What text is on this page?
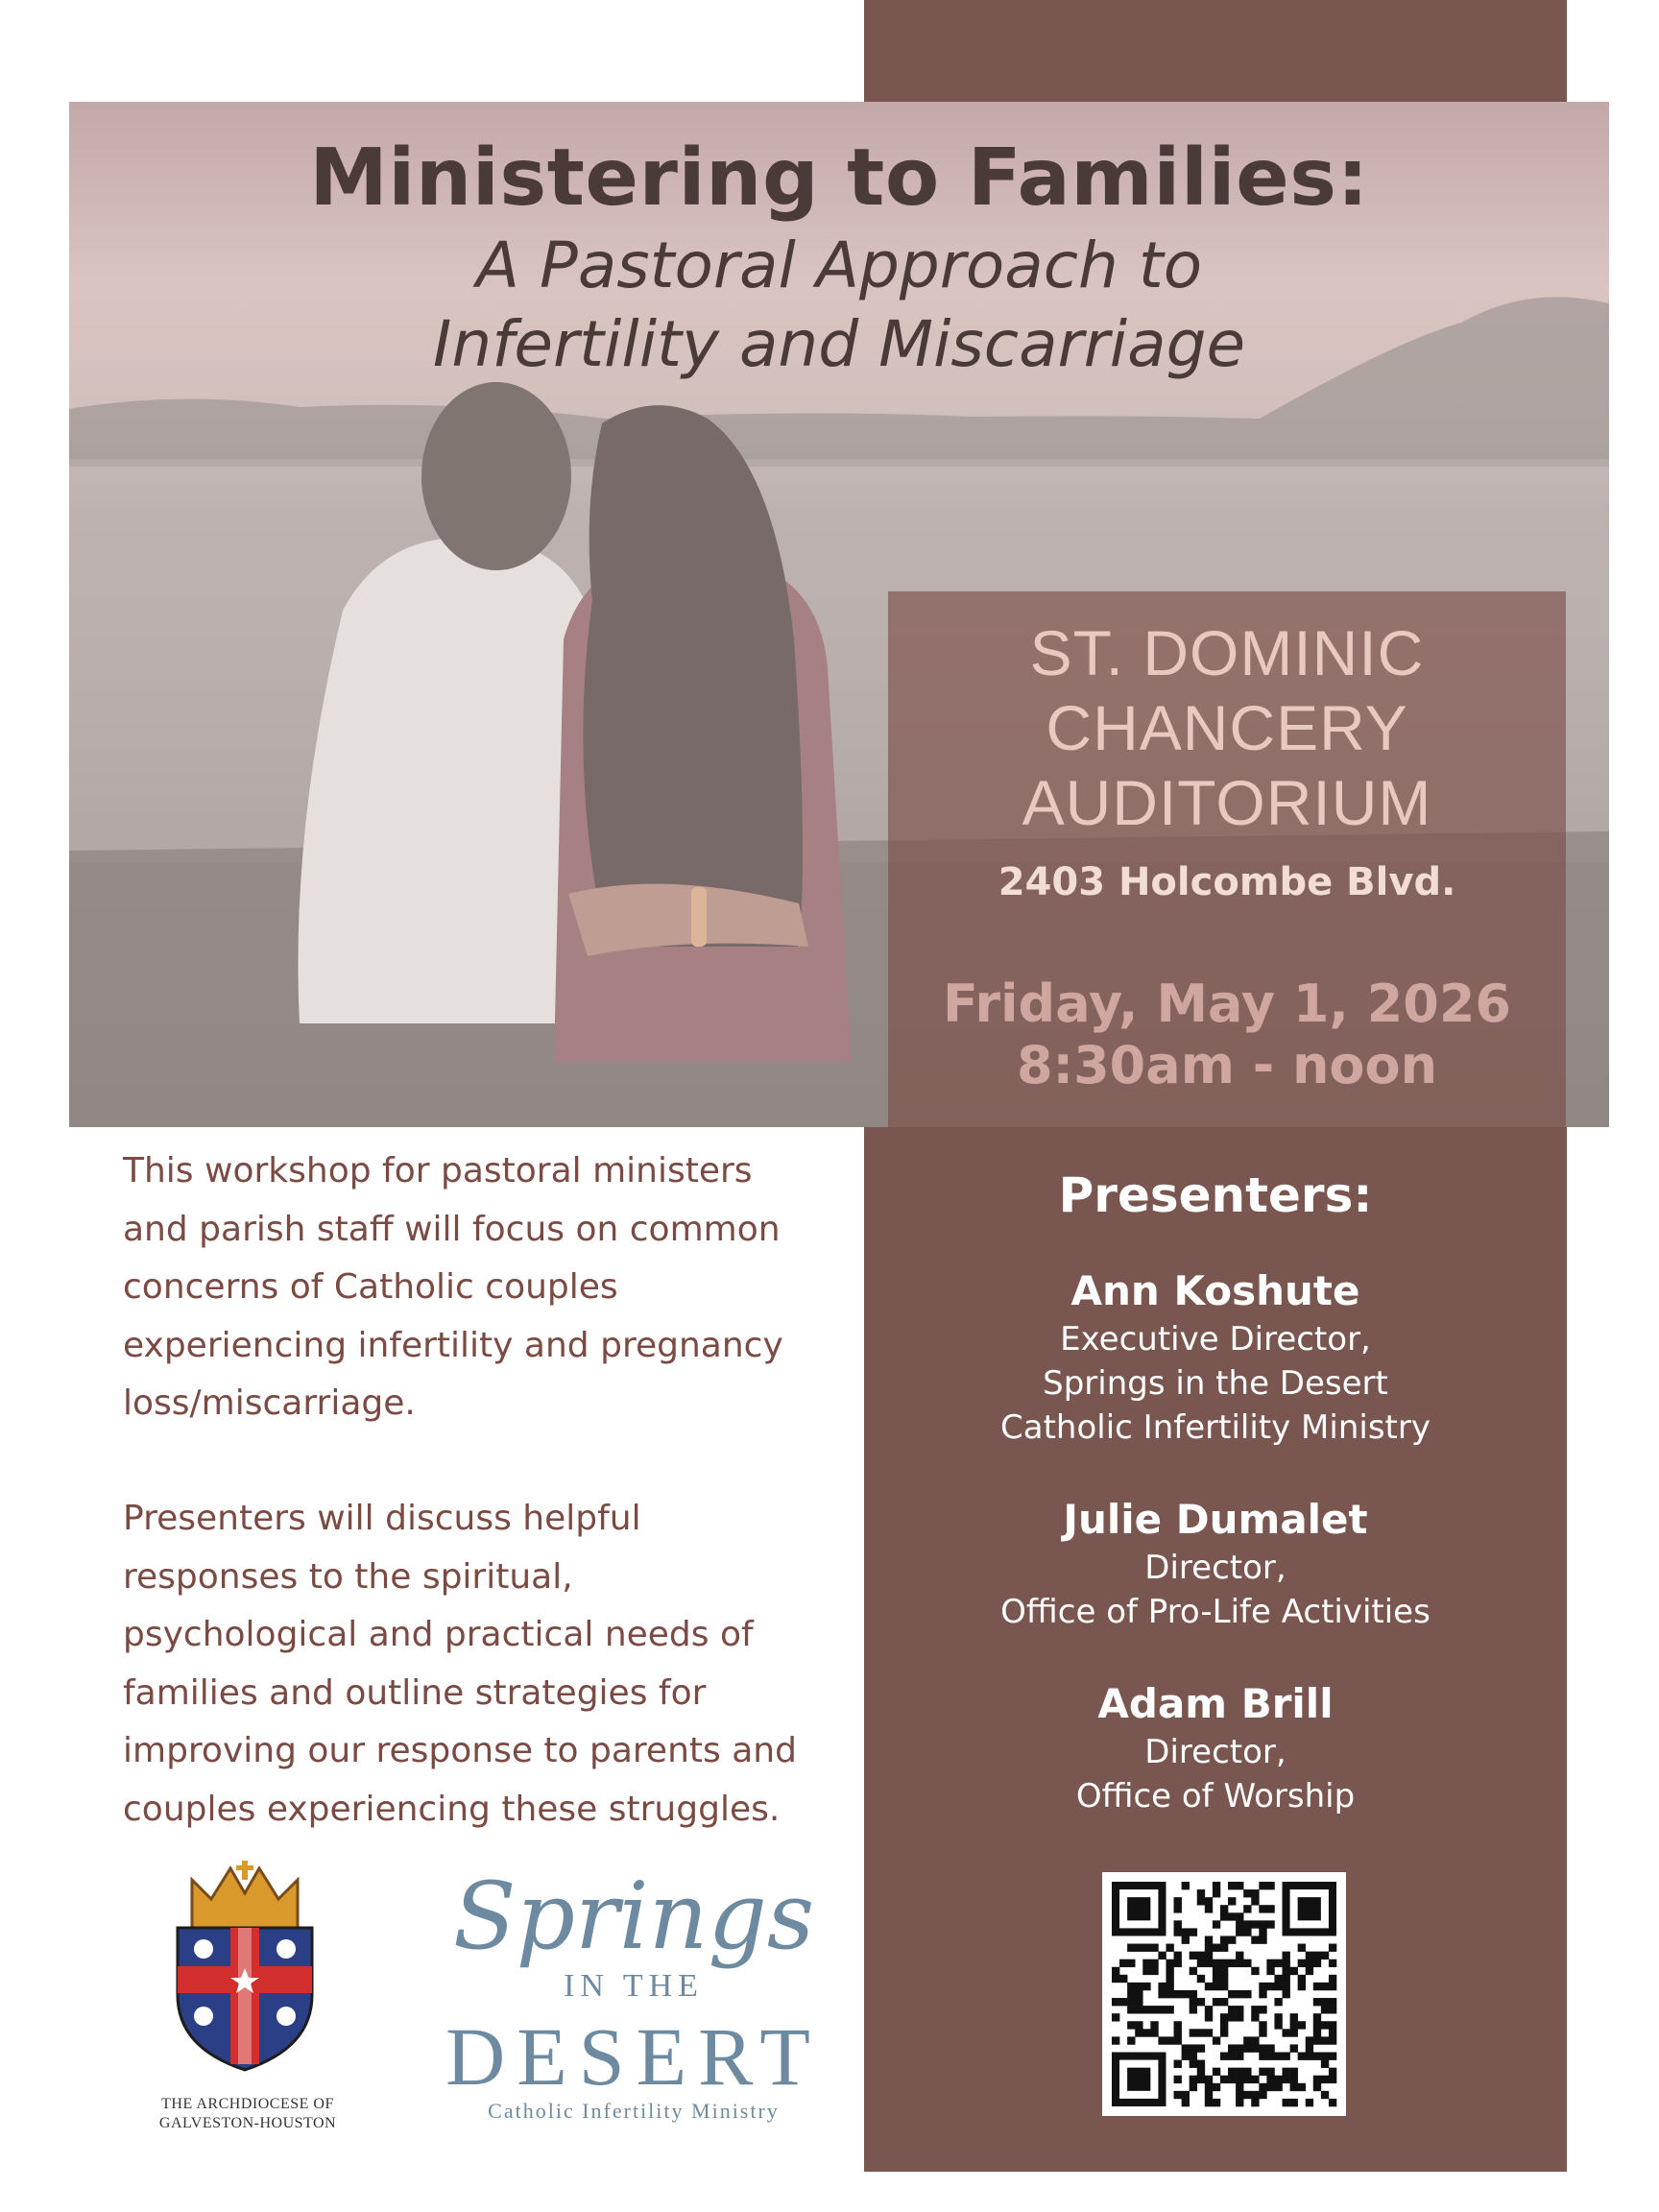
Ministering to Families:
A Pastoral Approach to
Infertility and Miscarriage
ST. DOMINIC
CHANCERY
AUDITORIUM
2403 Holcombe Blvd.
Friday, May 1, 2026
8:30am - noon
This workshop for pastoral ministers
and parish staff will focus on common
concerns of Catholic couples
experiencing infertility and pregnancy
loss/miscarriage.
Presenters will discuss helpful
responses to the spiritual,
psychological and practical needs of
families and outline strategies for
improving our response to parents and
couples experiencing these struggles.
Presenters:
Ann Koshute
Executive Director,
Springs in the Desert
Catholic Infertility Ministry
Julie Dumalet
Director,
Office of Pro-Life Activities
Adam Brill
Director,
Office of Worship
THE ARCHDIOCESE OF
GALVESTON-HOUSTON
Springs
IN THE
DESERT
Catholic Infertility Ministry
